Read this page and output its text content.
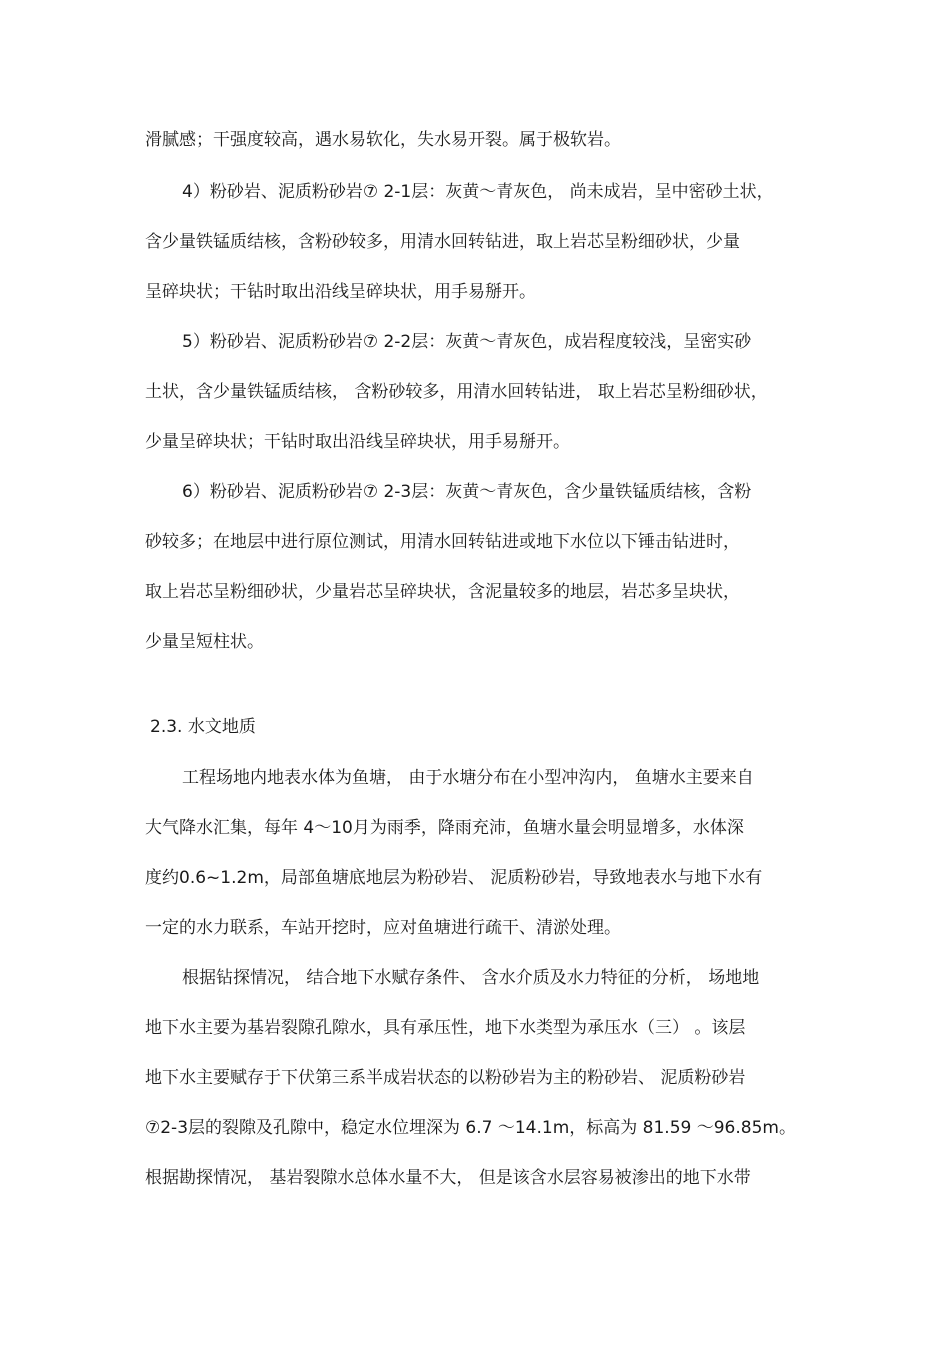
滑腻感；干强度较高，遇水易软化，失水易开裂。属于极软岩。
4）粉砂岩、泥质粉砂岩⑦ 2-1层：灰黄～青灰色， 尚未成岩，呈中密砂土状，
含少量铁锰质结核，含粉砂较多，用清水回转钻进，取上岩芯呈粉细砂状，少量
呈碎块状；干钻时取出沿线呈碎块状，用手易掰开。
5）粉砂岩、泥质粉砂岩⑦ 2-2层：灰黄～青灰色，成岩程度较浅，呈密实砂
土状，含少量铁锰质结核， 含粉砂较多，用清水回转钻进， 取上岩芯呈粉细砂状，
少量呈碎块状；干钻时取出沿线呈碎块状，用手易掰开。
6）粉砂岩、泥质粉砂岩⑦ 2-3层：灰黄～青灰色，含少量铁锰质结核，含粉
砂较多；在地层中进行原位测试，用清水回转钻进或地下水位以下锤击钻进时，
取上岩芯呈粉细砂状，少量岩芯呈碎块状，含泥量较多的地层，岩芯多呈块状，
少量呈短柱状。
2.3. 水文地质
工程场地内地表水体为鱼塘， 由于水塘分布在小型冲沟内， 鱼塘水主要来自
大气降水汇集，每年 4～10月为雨季，降雨充沛，鱼塘水量会明显增多，水体深
度约0.6~1.2m，局部鱼塘底地层为粉砂岩、 泥质粉砂岩，导致地表水与地下水有
一定的水力联系，车站开挖时，应对鱼塘进行疏干、清淤处理。
根据钻探情况， 结合地下水赋存条件、 含水介质及水力特征的分析， 场地地
地下水主要为基岩裂隙孔隙水，具有承压性，地下水类型为承压水（三） 。该层
地下水主要赋存于下伏第三系半成岩状态的以粉砂岩为主的粉砂岩、 泥质粉砂岩
⑦2-3层的裂隙及孔隙中，稳定水位埋深为 6.7 ～14.1m，标高为 81.59 ～96.85m。
根据勘探情况， 基岩裂隙水总体水量不大， 但是该含水层容易被渗出的地下水带
